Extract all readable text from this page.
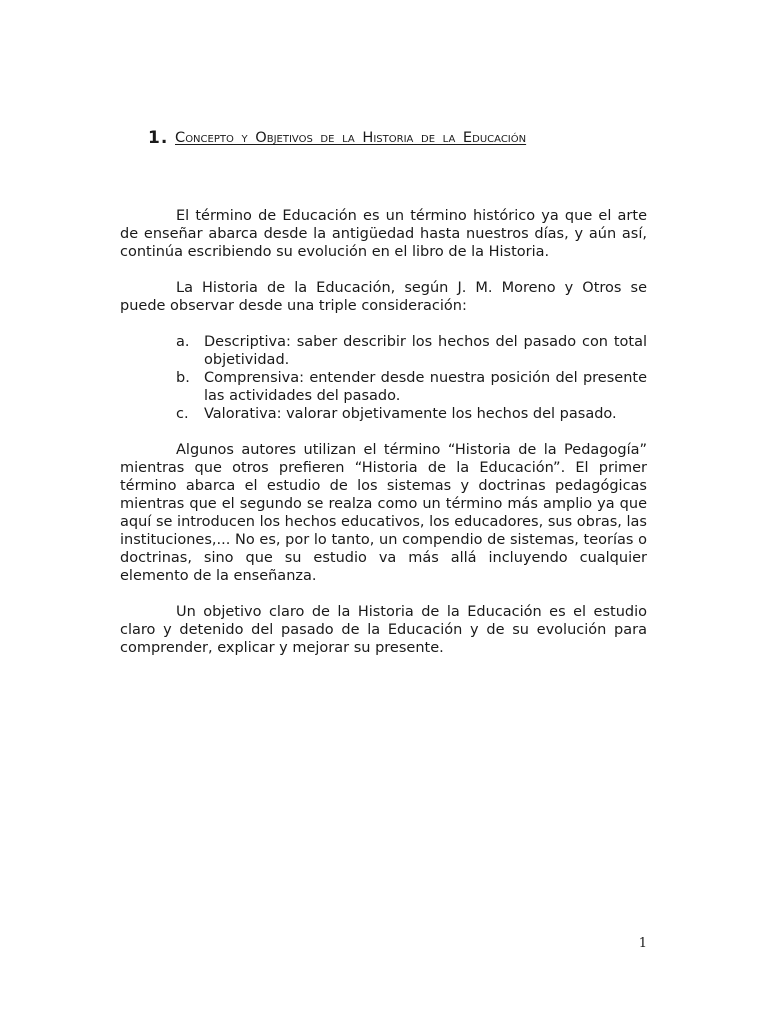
1. Concepto y Objetivos de la Historia de la Educación

El término de Educación es un término histórico ya que el arte de enseñar abarca desde la antigüedad hasta nuestros días, y aún así, continúa escribiendo su evolución en el libro de la Historia.

La Historia de la Educación, según J. M. Moreno y Otros se puede observar desde una triple consideración:

a. Descriptiva: saber describir los hechos del pasado con total objetividad.
b. Comprensiva: entender desde nuestra posición del presente las actividades del pasado.
c. Valorativa: valorar objetivamente los hechos del pasado.

Algunos autores utilizan el término “Historia de la Pedagogía” mientras que otros prefieren “Historia de la Educación”. El primer término abarca el estudio de los sistemas y doctrinas pedagógicas mientras que el segundo se realza como un término más amplio ya que aquí se introducen los hechos educativos, los educadores, sus obras, las instituciones,... No es, por lo tanto, un compendio de sistemas, teorías o doctrinas, sino que su estudio va más allá incluyendo cualquier elemento de la enseñanza.

Un objetivo claro de la Historia de la Educación es el estudio claro y detenido del pasado de la Educación y de su evolución para comprender, explicar y mejorar su presente.

1
